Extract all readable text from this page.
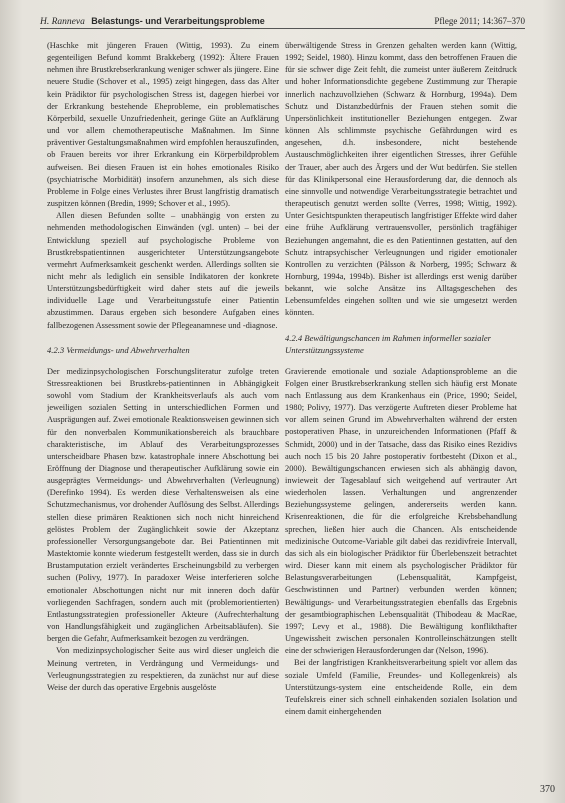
H. Ranneva Belastungs- und Verarbeitungsprobleme	Pflege 2011; 14:367–370

(Haschke mit jüngeren Frauen (Wittig, 1993). Zu einem gegenteiligen Befund kommt Brakkeberg (1992): Ältere Frauen nehmen ihre Brustkrebserkrankung weniger schwer als jüngere. Eine neuere Studie (Schover et al., 1995) zeigt hingegen, dass das Alter kein Prädiktor für psychologischen Stress ist, dagegen hierbei vor der Erkrankung bestehende Eheprobleme, ein problematisches Körperbild, sexuelle Unzufriedenheit, geringe Güte an Aufklärung und vor allem chemotherapeutische Maßnahmen. Im Sinne präventiver Gestaltungsmaßnahmen wird empfohlen herauszufinden, ob Frauen bereits vor ihrer Erkrankung ein Körperbildproblem aufweisen. Bei diesen Frauen ist ein hohes emotionales Risiko (psychiatrische Morbidität) insofern anzunehmen, als sich diese Probleme in Folge eines Verlustes ihrer Brust langfristig dramatisch zuspitzen können (Bredin, 1999; Schover et al., 1995).

Allen diesen Befunden sollte – unabhängig von ersten zu nehmenden methodologischen Einwänden (vgl. unten) – bei der Entwicklung speziell auf psychologische Probleme von Brustkrebspatientinnen ausgerichteter Unterstützungsangebote vermehrt Aufmerksamkeit geschenkt werden. Allerdings sollten sie nicht mehr als lediglich ein sensible Indikatoren der konkrete Unterstützungsbedürftigkeit wird daher stets auf die jeweils individuelle Lage und Verarbeitungsstufe einer Patientin abzustimmen. Daraus ergeben sich besondere Aufgaben eines fallbezogenen Assessment sowie der Pflegeanamnese und -diagnose.

4.2.3 Vermeidungs- und Abwehrverhalten

Der medizinpsychologischen Forschungsliteratur zufolge treten Stressreaktionen bei Brustkrebs-patientinnen in Abhängigkeit sowohl vom Stadium der Krankheitsverlaufs als auch vom jeweiligen sozialen Setting in unterschiedlichen Formen und Ausprägungen auf. Zwei emotionale Reaktionsweisen gewinnen sich für den nonverbalen Kommunikationsbereich als brauchbare charakteristische, im Ablauf des Verarbeitungsprozesses unterscheidbare Phasen bzw. katastrophale innere Abschottung bei Eröffnung der Diagnose und therapeutischer Aufklärung sowie ein ausgeprägtes Vermeidungs- und Abwehrverhalten (Verleugnung) (Derefinko 1994). Es werden diese Verhaltensweisen als eine Schutzmechanismus, vor drohender Auflösung des Selbst. Allerdings stellen diese primären Reaktionen sich noch nicht hinreichend gelöstes Problem der Zugänglichkeit sowie der Akzeptanz professioneller Versorgungsangebote dar. Bei Patientinnen mit Mastektomie konnte wiederum festgestellt werden, dass sie in durch Brustamputation erzielt verändertes Erscheinungsbild zu verbergen suchen (Polivy, 1977). In paradoxer Weise interferieren solche emotionaler Abschottungen nicht nur mit inneren doch dafür vorliegenden Sachfragen, sondern auch mit (problemorientierten) Entlastungsstrategien professioneller Akteure (Aufrechterhaltung von Handlungsfähigkeit und zugänglichen Arbeitsabläufen). Sie bergen die Gefahr, Aufmerksamkeit bezogen zu verdrängen.

Von medizinpsychologischer Seite aus wird dieser ungleich die Meinung vertreten, in Verdrängung und Vermeidungs- und Verleugnungsstrategien zu respektieren, da zunächst nur auf diese Weise der durch das operative Ergebnis ausgelöste

überwältigende Stress in Grenzen gehalten werden kann (Wittig, 1992; Seidel, 1980). Hinzu kommt, dass den betroffenen Frauen die für sie schwer dige Zeit fehlt, die zumeist unter äußerem Zeitdruck und hoher Informationsdichte gegebene Zustimmung zur Therapie innerlich nachzuvollziehen (Schwarz & Hornburg, 1994a). Dem Schutz und Distanzbedürfnis der Frauen stehen somit die Unpersönlichkeit institutioneller Beziehungen entgegen. Zwar können Als schlimmste psychische Gefährdungen wird es angesehen, d.h. insbesondere, nicht bestehende Austauschmöglichkeiten ihrer eigentlichen Stresses, ihrer Gefühle der Trauer, aber auch des Ärgers und der Wut bedürfen. Sie stellen für das Klinikpersonal eine Herausforderung dar, die dennoch als eine sinnvolle und notwendige Verarbeitungsstrategie betrachtet und therapeutisch genutzt werden sollte (Verres, 1998; Wittig, 1992). Unter Gesichtspunkten therapeutisch langfristiger Effekte wird daher eine frühe Aufklärung vertrauensvoller, persönlich tragfähiger Beziehungen angemahnt, die es den Patientinnen gestatten, auf den Schutz intrapsychischer Verleugnungen und rigider emotionaler Kontrollen zu verzichten (Pålsson & Norberg, 1995; Schwarz & Hornburg, 1994a, 1994b). Bisher ist allerdings erst wenig darüber bekannt, wie solche Ansätze ins Alltagsgeschehen des Lebensumfeldes eingehen sollten und wie sie umgesetzt werden könnten.

4.2.4 Bewältigungschancen im Rahmen informeller sozialer Unterstützungssysteme

Gravierende emotionale und soziale Adaptionsprobleme an die Folgen einer Brustkrebserkrankung stellen sich häufig erst Monate nach Entlassung aus dem Krankenhaus ein (Price, 1990; Seidel, 1980; Polivy, 1977). Das verzögerte Auftreten dieser Probleme hat vor allem seinen Grund im Abwehrverhalten während der ersten postoperativen Phase, in unzureichenden Informationen (Pfaff & Schmidt, 2000) und in der Tatsache, dass das Risiko eines Rezidivs auch noch 15 bis 20 Jahre postoperativ fortbesteht (Dixon et al., 2000). Bewältigungschancen erwiesen sich als abhängig davon, inwieweit der Tagesablauf sich weitgehend auf vertrauter Art wiederholen lassen. Verhaltungen und angrenzender Beziehungssysteme gelingen, andererseits werden kann. Krisenreaktionen, die für die erfolgreiche Krebsbehandlung sprechen, ließen hier auch die Chancen. Als entscheidende medizinische Outcome-Variable gilt dabei das rezidivfreie Intervall, das sich als ein biologischer Prädiktor für Überlebenszeit betrachtet wird. Dieser kann mit einem als psychologischer Prädiktor für Belastungsverarbeitungen (Lebensqualität, Kampfgeist, Geschwistinnen und Partner) verbunden werden können; Bewältigungs- und Verarbeitungsstrategien ebenfalls das Ergebnis der gesamtbiographischen Lebensqualität (Thibodeau & MacRae, 1997; Levy et al., 1988). Die Bewältigung konflikthafter Ungewissheit zwischen personalen Kontrolleinschätzungen stellt eine der schwierigen Herausforderungen dar (Nelson, 1996).

Bei der langfristigen Krankheitsverarbeitung spielt vor allem das soziale Umfeld (Familie, Freundes- und Kollegenkreis) als Unterstützungs-system eine entscheidende Rolle, ein dem Teufelskreis einer sich schnell einhakenden sozialen Isolation und einem damit einhergehenden

370
